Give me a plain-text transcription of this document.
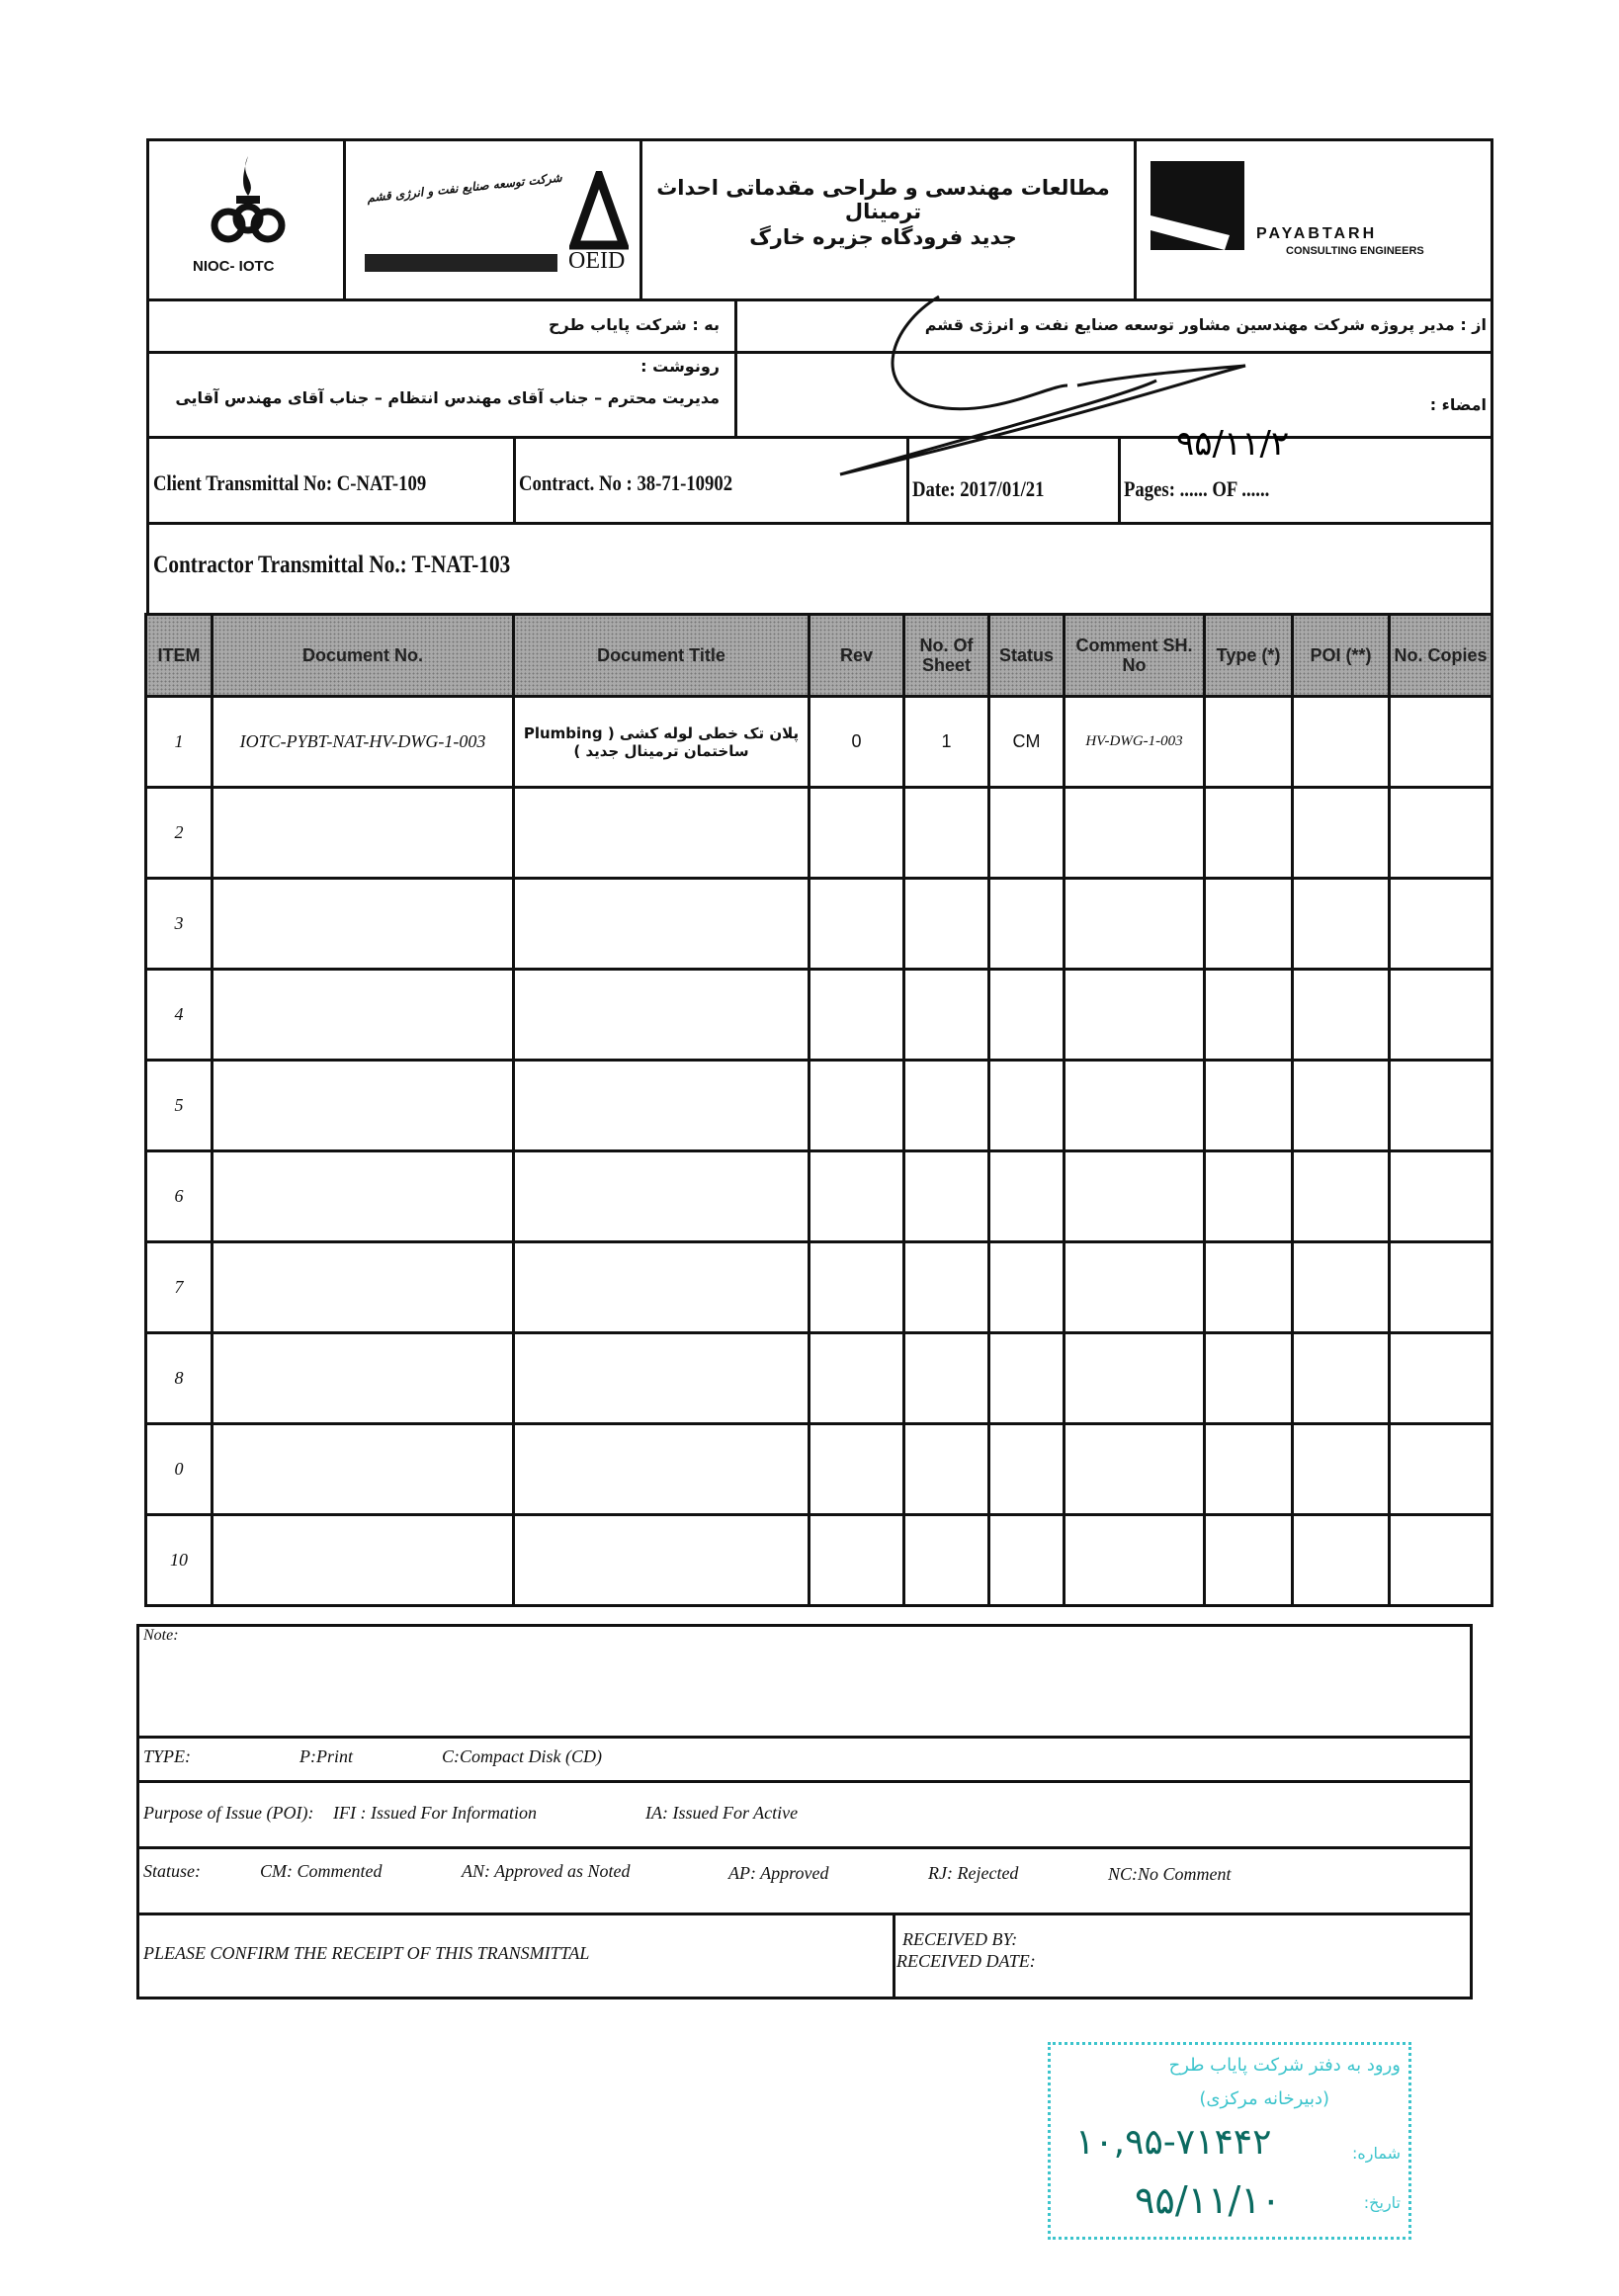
NIOC- IOTC
شرکت توسعه صنایع نفت و انرژی قشم
OEID
مطالعات مهندسی و طراحی مقدماتی احداث ترمینال
جدید فرودگاه جزیره خارگ	PAYABTARH
CONSULTING ENGINEERS
به : شرکت پایاب طرح	از : مدیر پروژه شرکت مهندسین مشاور توسعه صنایع نفت و انرژی قشم
رونوشت :
مدیریت محترم – جناب آقای مهندس انتظام – جناب آقای مهندس آقایی	امضاء :
Client Transmittal No: C-NAT-109	Contract. No : 38-71-10902	Date: 2017/01/21	Pages: ...... OF ......
Contractor Transmittal No.: T-NAT-103
۹۵/۱۱/۲
ITEM	Document No.	Document Title	Rev	No. Of Sheet	Status	Comment SH. No	Type (*)	POI (**)	No. Copies
1	IOTC-PYBT-NAT-HV-DWG-1-003	پلان تک خطی لوله کشی ( Plumbing ساختمان ترمینال جدید )	0	1	CM	HV-DWG-1-003			
2									
3									
4									
5									
6									
7									
8									
0									
10									
Note:
TYPE:	P:Print	C:Compact Disk (CD)
Purpose of Issue (POI): IFI : Issued For Information	IA: Issued For Active
Statuse:	CM: Commented	AN: Approved as Noted	AP: Approved	RJ: Rejected	NC:No Comment
PLEASE CONFIRM THE RECEIPT OF THIS TRANSMITTAL
RECEIVED BY:
RECEIVED DATE:
ورود به دفتر شرکت پایاب طرح
(دبیرخانه مرکزی)
شماره:
۱۰,۹۵-۷۱۴۴۲
تاریخ:
۹۵/۱۱/۱۰
